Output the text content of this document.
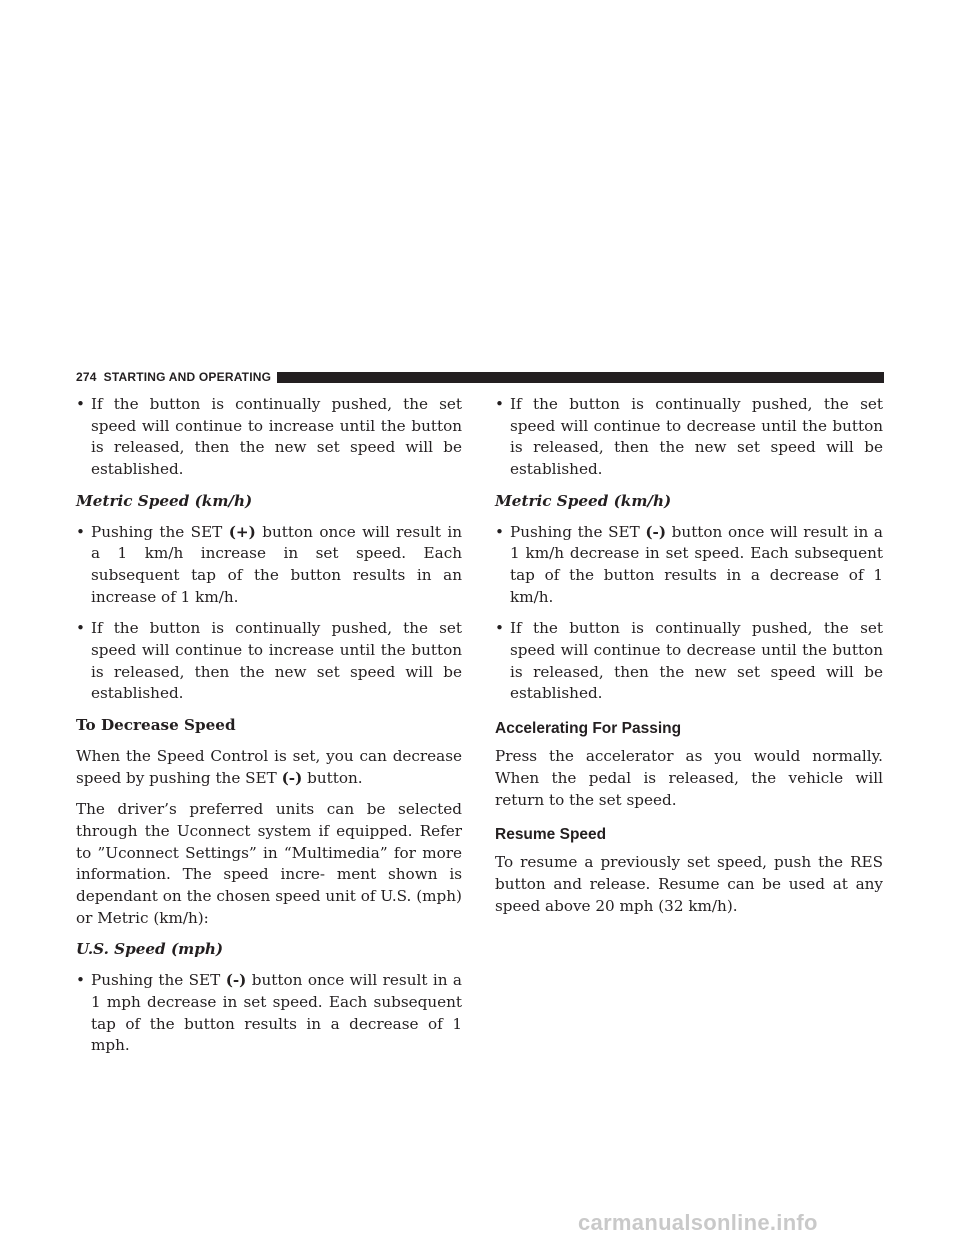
274 STARTING AND OPERATING
• If the button is continually pushed, the set speed will continue to increase until the button is released, then the new set speed will be established.
Metric Speed (km/h)
• Pushing the SET (+) button once will result in a 1 km/h increase in set speed. Each subsequent tap of the button results in an increase of 1 km/h.
• If the button is continually pushed, the set speed will continue to increase until the button is released, then the new set speed will be established.
To Decrease Speed

When the Speed Control is set, you can decrease speed by pushing the SET (-) button.

The driver’s preferred units can be selected through the Uconnect system if equipped. Refer to ”Uconnect Settings” in “Multimedia” for more information. The speed incre- ment shown is dependant on the chosen speed unit of U.S. (mph) or Metric (km/h):

U.S. Speed (mph)
• Pushing the SET (-) button once will result in a 1 mph decrease in set speed. Each subsequent tap of the button results in a decrease of 1 mph.
• If the button is continually pushed, the set speed will continue to decrease until the button is released, then the new set speed will be established.
Metric Speed (km/h)
• Pushing the SET (-) button once will result in a 1 km/h decrease in set speed. Each subsequent tap of the button results in a decrease of 1 km/h.
• If the button is continually pushed, the set speed will continue to decrease until the button is released, then the new set speed will be established.
Accelerating For Passing

Press the accelerator as you would normally. When the pedal is released, the vehicle will return to the set speed.

Resume Speed

To resume a previously set speed, push the RES button and release. Resume can be used at any speed above 20 mph (32 km/h).

carmanualsonline.info
